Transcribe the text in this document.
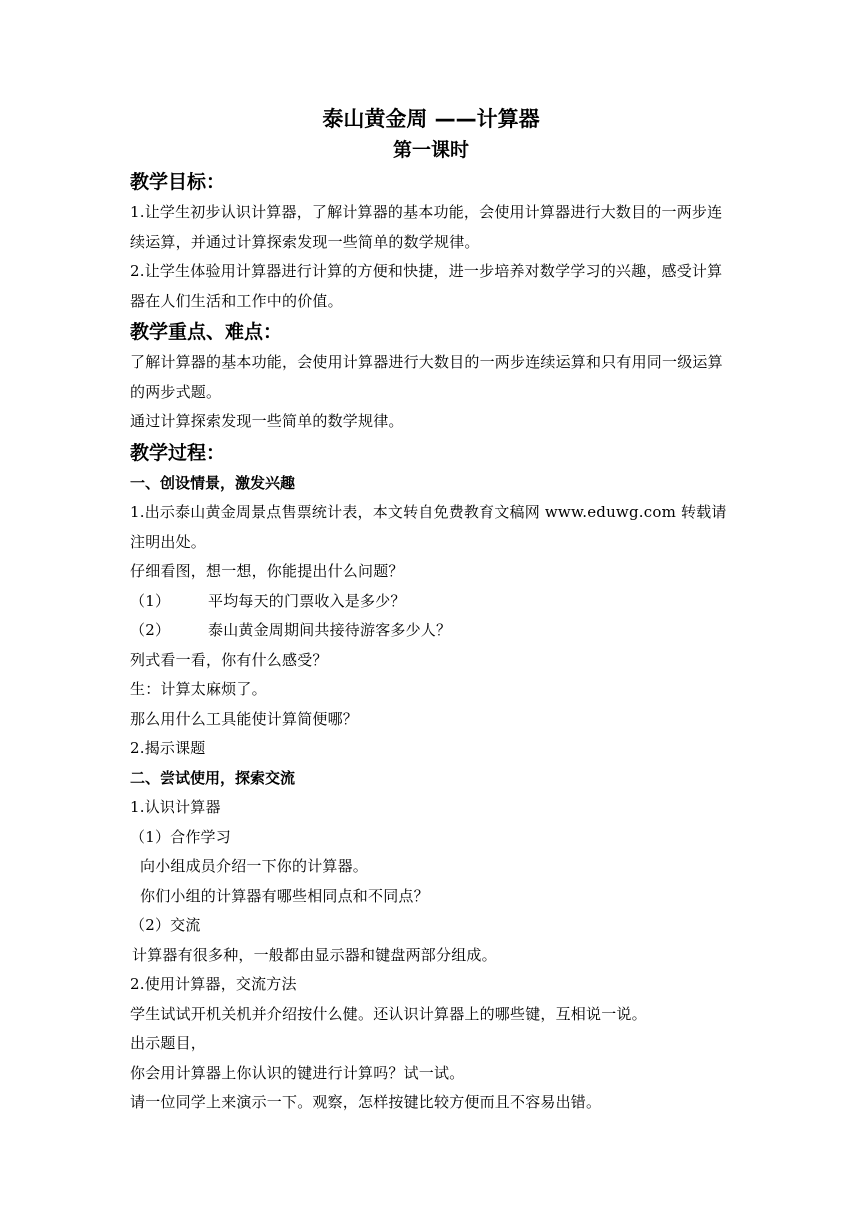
泰山黄金周 ——计算器
第一课时
教学目标：

1.让学生初步认识计算器，了解计算器的基本功能，会使用计算器进行大数目的一两步连续运算，并通过计算探索发现一些简单的数学规律。

2.让学生体验用计算器进行计算的方便和快捷，进一步培养对数学学习的兴趣，感受计算器在人们生活和工作中的价值。

教学重点、难点：

了解计算器的基本功能，会使用计算器进行大数目的一两步连续运算和只有用同一级运算的两步式题。

通过计算探索发现一些简单的数学规律。

教学过程：
一、创设情景，激发兴趣

1.出示泰山黄金周景点售票统计表，本文转自免费教育文稿网 www.eduwg.com 转载请注明出处。

仔细看图，想一想，你能提出什么问题？

（1）	平均每天的门票收入是多少？

（2）	泰山黄金周期间共接待游客多少人？

列式看一看，你有什么感受？

生：计算太麻烦了。

那么用什么工具能使计算简便哪？

2.揭示课题

二、尝试使用，探索交流

1.认识计算器

（1）合作学习

向小组成员介绍一下你的计算器。

你们小组的计算器有哪些相同点和不同点？

（2）交流

计算器有很多种，一般都由显示器和键盘两部分组成。

2.使用计算器，交流方法

学生试试开机关机并介绍按什么健。还认识计算器上的哪些键，互相说一说。

出示题目，

你会用计算器上你认识的键进行计算吗？试一试。

请一位同学上来演示一下。观察，怎样按键比较方便而且不容易出错。
